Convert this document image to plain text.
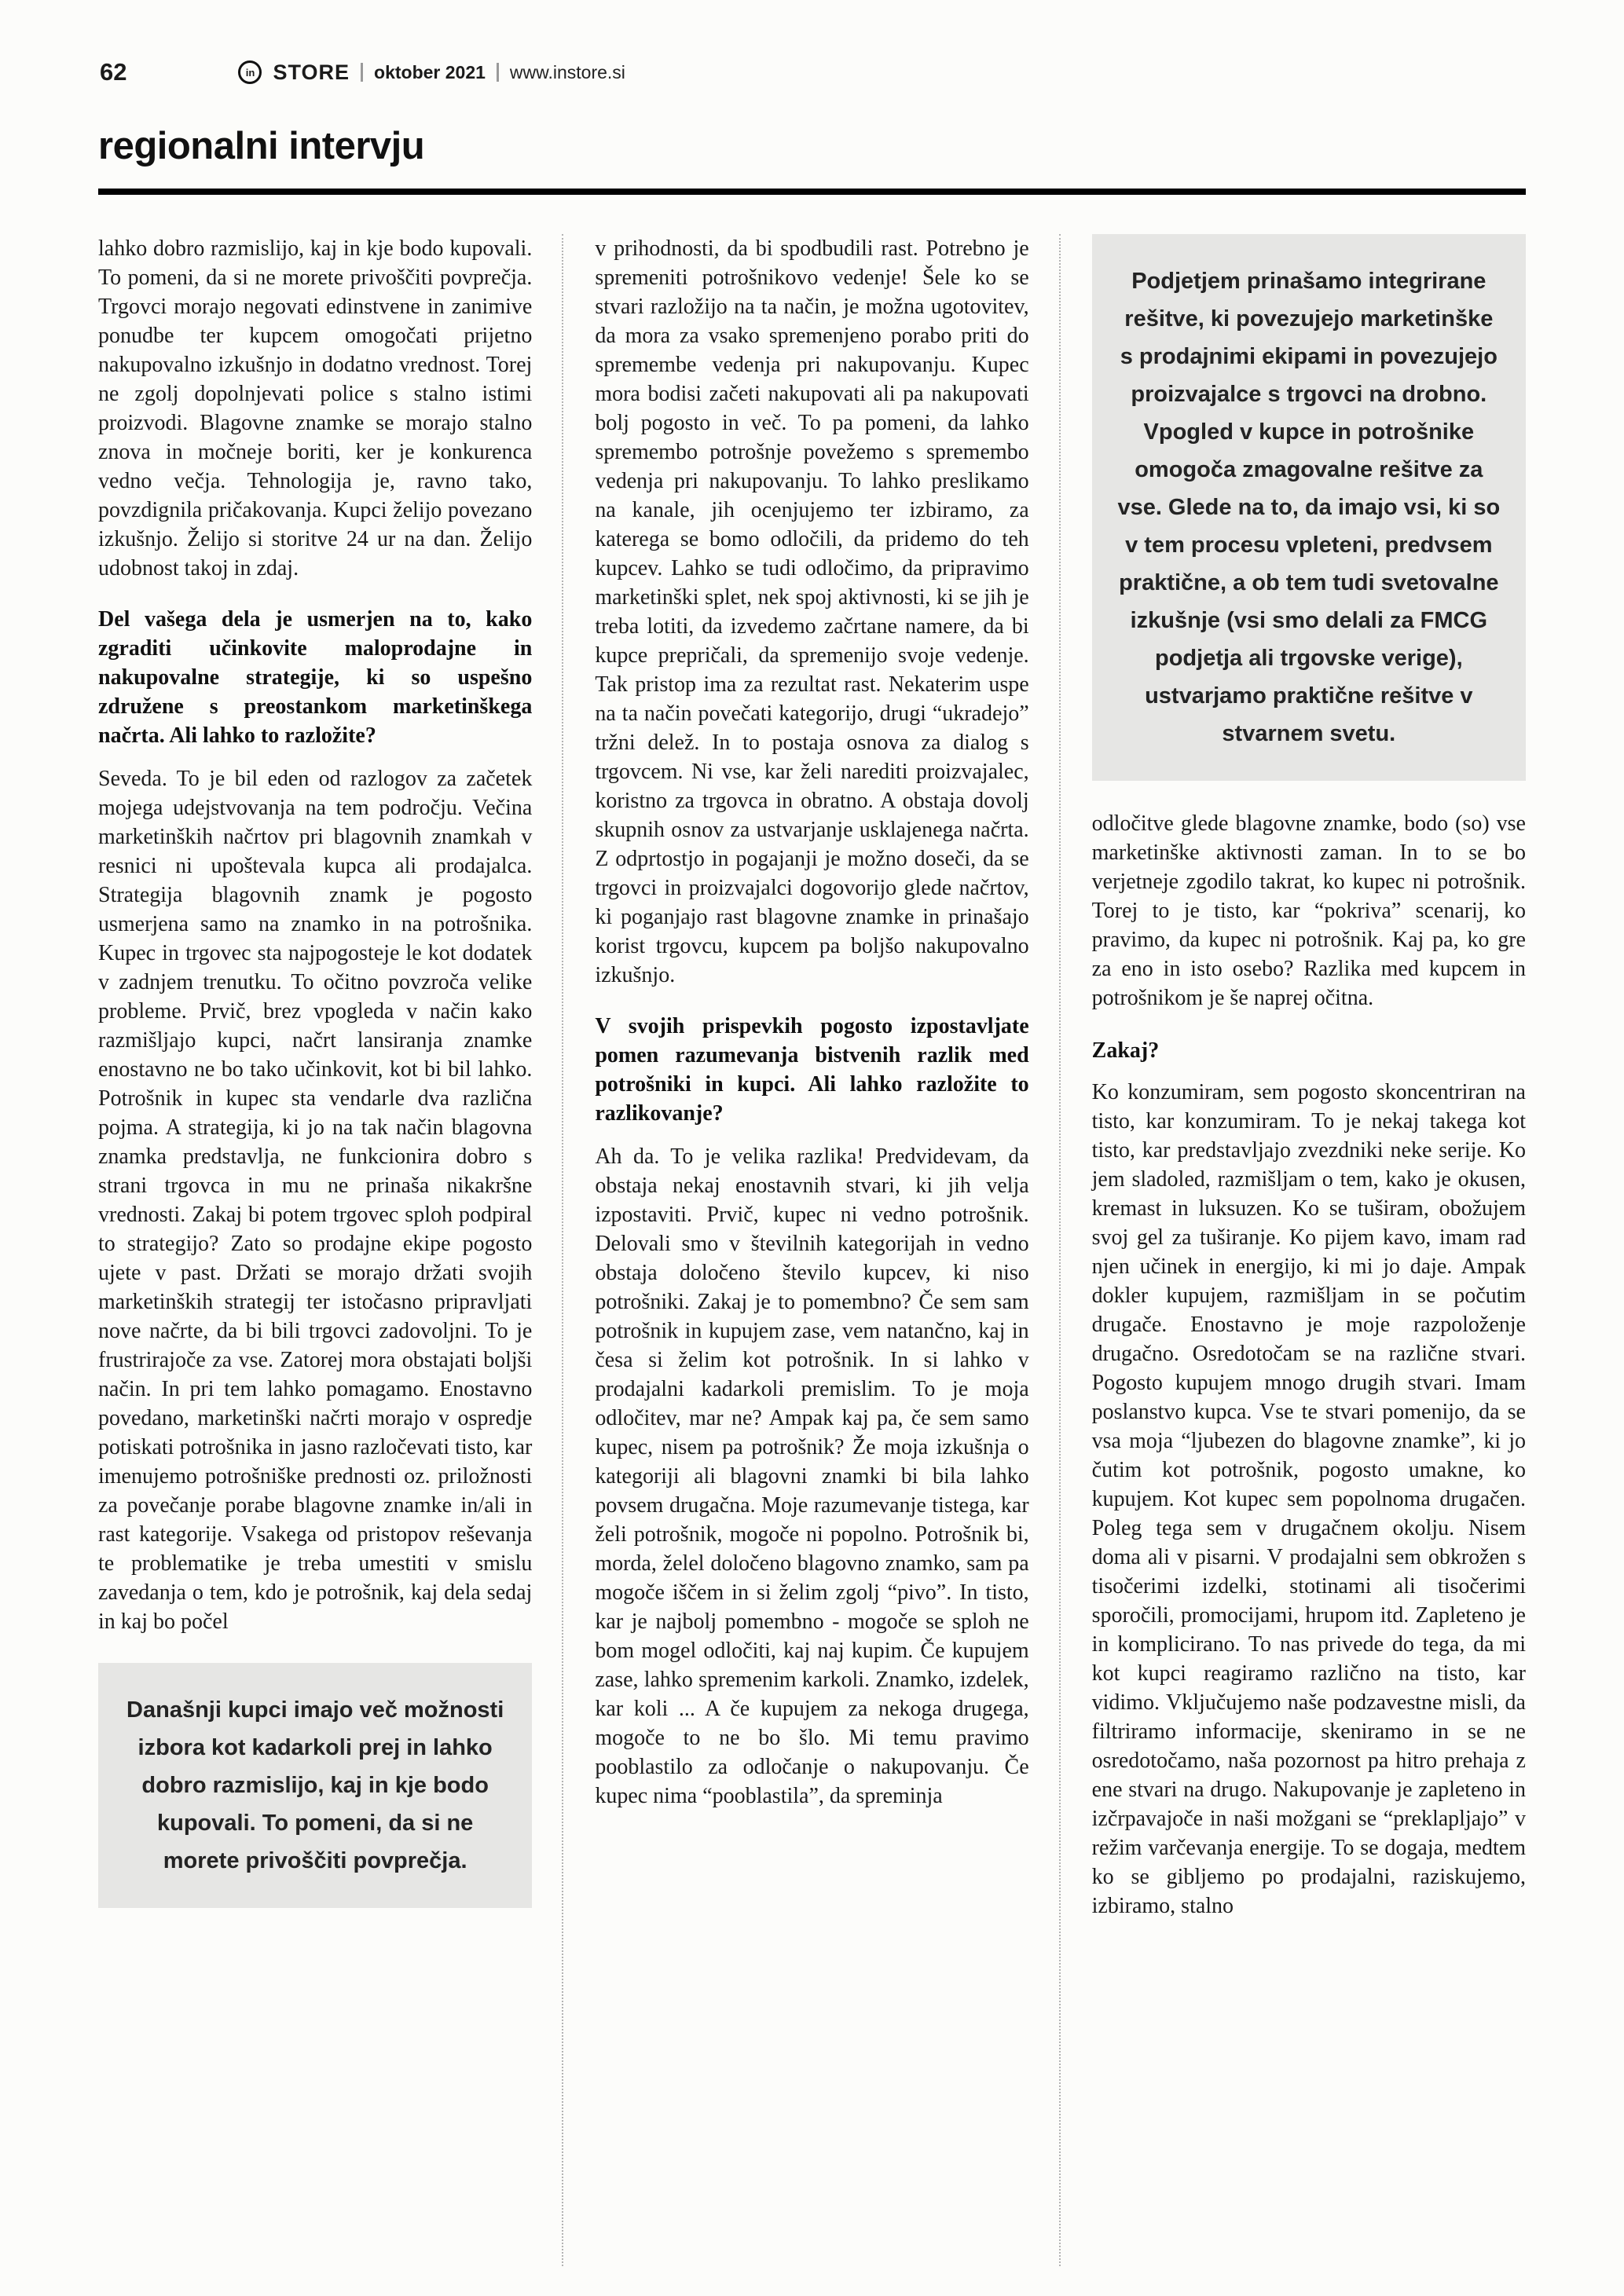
62	in STORE oktober 2021 www.instore.si
regionalni intervju

lahko dobro razmislijo, kaj in kje bodo kupovali. To pomeni, da si ne morete privoščiti povprečja. Trgovci morajo negovati edinstvene in zanimive ponudbe ter kupcem omogočati prijetno nakupovalno izkušnjo in dodatno vrednost. Torej ne zgolj dopolnjevati police s stalno istimi proizvodi. Blagovne znamke se morajo stalno znova in močneje boriti, ker je konkurenca vedno večja. Tehnologija je, ravno tako, povzdignila pričakovanja. Kupci želijo povezano izkušnjo. Želijo si storitve 24 ur na dan. Želijo udobnost takoj in zdaj.

Del vašega dela je usmerjen na to, kako zgraditi učinkovite maloprodajne in nakupovalne strategije, ki so uspešno združene s preostankom marketinškega načrta. Ali lahko to razložite?

Seveda. To je bil eden od razlogov za začetek mojega udejstvovanja na tem področju. Večina marketinških načrtov pri blagovnih znamkah v resnici ni upoštevala kupca ali prodajalca. Strategija blagovnih znamk je pogosto usmerjena samo na znamko in na potrošnika. Kupec in trgovec sta najpogosteje le kot dodatek v zadnjem trenutku. To očitno povzroča velike probleme. Prvič, brez vpogleda v način kako razmišljajo kupci, načrt lansiranja znamke enostavno ne bo tako učinkovit, kot bi bil lahko. Potrošnik in kupec sta vendarle dva različna pojma. A strategija, ki jo na tak način blagovna znamka predstavlja, ne funkcionira dobro s strani trgovca in mu ne prinaša nikakršne vrednosti. Zakaj bi potem trgovec sploh podpiral to strategijo? Zato so prodajne ekipe pogosto ujete v past. Držati se morajo držati svojih marketinških strategij ter istočasno pripravljati nove načrte, da bi bili trgovci zadovoljni. To je frustrirajoče za vse. Zatorej mora obstajati boljši način. In pri tem lahko pomagamo. Enostavno povedano, marketinški načrti morajo v ospredje potiskati potrošnika in jasno razločevati tisto, kar imenujemo potrošniške prednosti oz. priložnosti za povečanje porabe blagovne znamke in/ali in rast kategorije. Vsakega od pristopov reševanja te problematike je treba umestiti v smislu zavedanja o tem, kdo je potrošnik, kaj dela sedaj in kaj bo počel

Današnji kupci imajo več možnosti izbora kot kadarkoli prej in lahko dobro razmislijo, kaj in kje bodo kupovali. To pomeni, da si ne morete privoščiti povprečja.

v prihodnosti, da bi spodbudili rast. Potrebno je spremeniti potrošnikovo vedenje! Šele ko se stvari razložijo na ta način, je možna ugotovitev, da mora za vsako spremenjeno porabo priti do spremembe vedenja pri nakupovanju. Kupec mora bodisi začeti nakupovati ali pa nakupovati bolj pogosto in več. To pa pomeni, da lahko spremembo potrošnje povežemo s spremembo vedenja pri nakupovanju. To lahko preslikamo na kanale, jih ocenjujemo ter izbiramo, za katerega se bomo odločili, da pridemo do teh kupcev. Lahko se tudi odločimo, da pripravimo marketinški splet, nek spoj aktivnosti, ki se jih je treba lotiti, da izvedemo začrtane namere, da bi kupce prepričali, da spremenijo svoje vedenje. Tak pristop ima za rezultat rast. Nekaterim uspe na ta način povečati kategorijo, drugi “ukradejo” tržni delež. In to postaja osnova za dialog s trgovcem. Ni vse, kar želi narediti proizvajalec, koristno za trgovca in obratno. A obstaja dovolj skupnih osnov za ustvarjanje usklajenega načrta. Z odprtostjo in pogajanji je možno doseči, da se trgovci in proizvajalci dogovorijo glede načrtov, ki poganjajo rast blagovne znamke in prinašajo korist trgovcu, kupcem pa boljšo nakupovalno izkušnjo.

V svojih prispevkih pogosto izpostavljate pomen razumevanja bistvenih razlik med potrošniki in kupci. Ali lahko razložite to razlikovanje?

Ah da. To je velika razlika! Predvidevam, da obstaja nekaj enostavnih stvari, ki jih velja izpostaviti. Prvič, kupec ni vedno potrošnik. Delovali smo v številnih kategorijah in vedno obstaja določeno število kupcev, ki niso potrošniki. Zakaj je to pomembno? Če sem sam potrošnik in kupujem zase, vem natančno, kaj in česa si želim kot potrošnik. In si lahko v prodajalni kadarkoli premislim. To je moja odločitev, mar ne? Ampak kaj pa, če sem samo kupec, nisem pa potrošnik? Že moja izkušnja o kategoriji ali blagovni znamki bi bila lahko povsem drugačna. Moje razumevanje tistega, kar želi potrošnik, mogoče ni popolno. Potrošnik bi, morda, želel določeno blagovno znamko, sam pa mogoče iščem in si želim zgolj “pivo”. In tisto, kar je najbolj pomembno - mogoče se sploh ne bom mogel odločiti, kaj naj kupim. Če kupujem zase, lahko spremenim karkoli. Znamko, izdelek, kar koli ... A če kupujem za nekoga drugega, mogoče to ne bo šlo. Mi temu pravimo pooblastilo za odločanje o nakupovanju. Če kupec nima “pooblastila”, da spreminja

Podjetjem prinašamo integrirane rešitve, ki povezujejo marketinške s prodajnimi ekipami in povezujejo proizvajalce s trgovci na drobno. Vpogled v kupce in potrošnike omogoča zmagovalne rešitve za vse. Glede na to, da imajo vsi, ki so v tem procesu vpleteni, predvsem praktične, a ob tem tudi svetovalne izkušnje (vsi smo delali za FMCG podjetja ali trgovske verige), ustvarjamo praktične rešitve v stvarnem svetu.

odločitve glede blagovne znamke, bodo (so) vse marketinške aktivnosti zaman. In to se bo verjetneje zgodilo takrat, ko kupec ni potrošnik. Torej to je tisto, kar “pokriva” scenarij, ko pravimo, da kupec ni potrošnik. Kaj pa, ko gre za eno in isto osebo? Razlika med kupcem in potrošnikom je še naprej očitna.

Zakaj?

Ko konzumiram, sem pogosto skoncentriran na tisto, kar konzumiram. To je nekaj takega kot tisto, kar predstavljajo zvezdniki neke serije. Ko jem sladoled, razmišljam o tem, kako je okusen, kremast in luksuzen. Ko se tuširam, obožujem svoj gel za tuširanje. Ko pijem kavo, imam rad njen učinek in energijo, ki mi jo daje. Ampak dokler kupujem, razmišljam in se počutim drugače. Enostavno je moje razpoloženje drugačno. Osredotočam se na različne stvari. Pogosto kupujem mnogo drugih stvari. Imam poslanstvo kupca. Vse te stvari pomenijo, da se vsa moja “ljubezen do blagovne znamke”, ki jo čutim kot potrošnik, pogosto umakne, ko kupujem. Kot kupec sem popolnoma drugačen. Poleg tega sem v drugačnem okolju. Nisem doma ali v pisarni. V prodajalni sem obkrožen s tisočerimi izdelki, stotinami ali tisočerimi sporočili, promocijami, hrupom itd. Zapleteno je in komplicirano. To nas privede do tega, da mi kot kupci reagiramo različno na tisto, kar vidimo. Vključujemo naše podzavestne misli, da filtriramo informacije, skeniramo in se ne osredotočamo, naša pozornost pa hitro prehaja z ene stvari na drugo. Nakupovanje je zapleteno in izčrpavajoče in naši možgani se “preklapljajo” v režim varčevanja energije. To se dogaja, medtem ko se gibljemo po prodajalni, raziskujemo, izbiramo, stalno
